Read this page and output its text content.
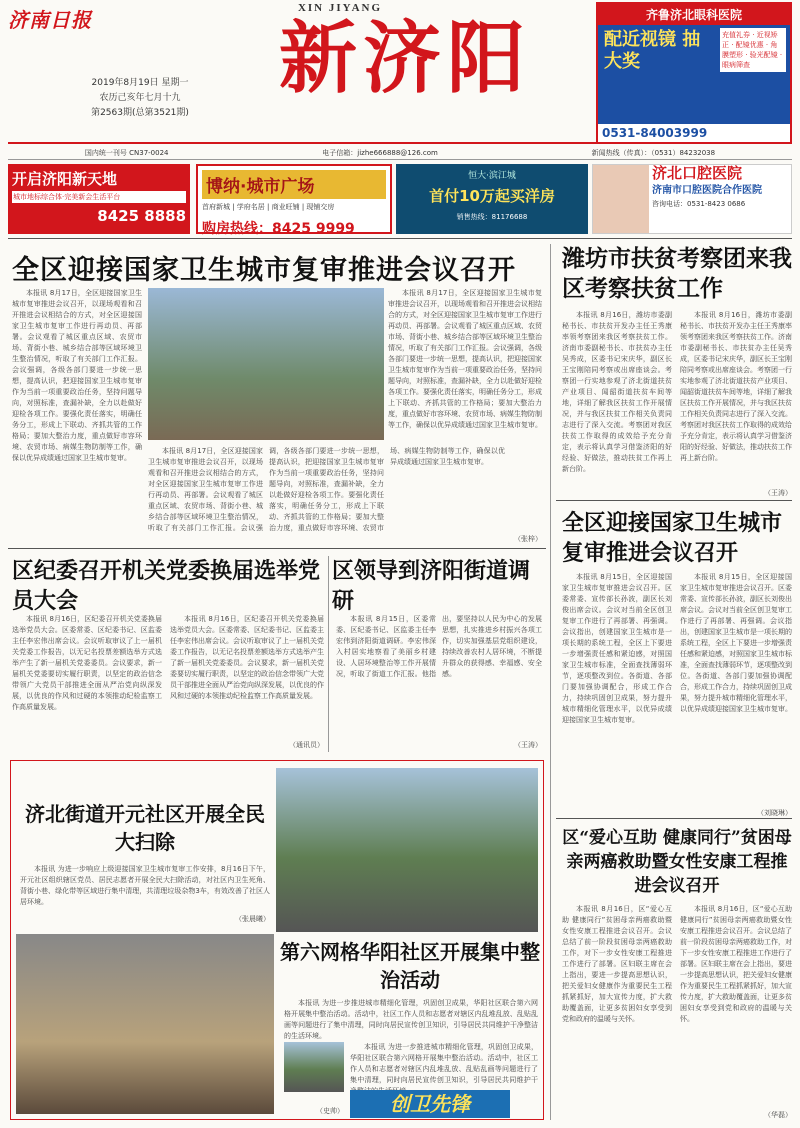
济南日报	XIN JIYANG
新济阳
2019年8月19日 星期一
农历己亥年七月十九
第2563期(总第3521期)
齐鲁济北眼科医院
配近视镜 抽大奖
充值礼券 · 近视矫正 · 配镜优惠 · 角膜塑形 · 验光配镜 · 眼病筛查
0531-84003999
国内统一刊号 CN37-0024	电子信箱：jizhe666888@126.com	新闻热线（传真）：（0531）84232038
开启济阳新天地
城市地标综合体·完美新会生活平台
8425 8888
博纳·城市广场
首府新城 | 学府名居 | 商业旺铺 | 现铺交房
购房热线：8425 9999
恒大·滨江城
首付10万起买洋房
销售热线：81176688
济北口腔医院
济南市口腔医院合作医院
咨询电话：0531-8423 0686
全区迎接国家卫生城市复审推进会议召开

本报讯 8月17日，全区迎接国家卫生城市复审推进会议召开，以现场观看和召开推进会议相结合的方式，对全区迎接国家卫生城市复审工作进行再动员、再部署。会议观看了城区重点区域、农贸市场、背街小巷、城乡结合部等区域环境卫生整治情况，听取了有关部门工作汇报。会议强调，各级各部门要进一步统一思想，提高认识，把迎接国家卫生城市复审作为当前一项重要政治任务，坚持问题导向，对照标准，查漏补缺，全力以赴做好迎检各项工作。要强化责任落实，明确任务分工，形成上下联动、齐抓共管的工作格局；要加大整治力度，重点做好市容环境、农贸市场、病媒生物防制等工作，确保以优异成绩通过国家卫生城市复审。

本报讯 8月17日，全区迎接国家卫生城市复审推进会议召开，以现场观看和召开推进会议相结合的方式，对全区迎接国家卫生城市复审工作进行再动员、再部署。会议观看了城区重点区域、农贸市场、背街小巷、城乡结合部等区域环境卫生整治情况，听取了有关部门工作汇报。会议强调，各级各部门要进一步统一思想，提高认识，把迎接国家卫生城市复审作为当前一项重要政治任务，坚持问题导向，对照标准，查漏补缺，全力以赴做好迎检各项工作。要强化责任落实，明确任务分工，形成上下联动、齐抓共管的工作格局；要加大整治力度，重点做好市容环境、农贸市场、病媒生物防制等工作，确保以优异成绩通过国家卫生城市复审。

本报讯 8月17日，全区迎接国家卫生城市复审推进会议召开，以现场观看和召开推进会议相结合的方式，对全区迎接国家卫生城市复审工作进行再动员、再部署。会议观看了城区重点区域、农贸市场、背街小巷、城乡结合部等区域环境卫生整治情况，听取了有关部门工作汇报。会议强调，各级各部门要进一步统一思想，提高认识，把迎接国家卫生城市复审作为当前一项重要政治任务，坚持问题导向，对照标准，查漏补缺，全力以赴做好迎检各项工作。要强化责任落实，明确任务分工，形成上下联动、齐抓共管的工作格局；要加大整治力度，重点做好市容环境、农贸市场、病媒生物防制等工作，确保以优异成绩通过国家卫生城市复审。

（张梓）
潍坊市扶贫考察团来我区考察扶贫工作

本报讯 8月16日，潍坊市委副秘书长、市扶贫开发办主任王秀康率领考察团来我区考察扶贫工作。济南市委副秘书长、市扶贫办主任吴秀成，区委书记宋庆华，副区长王宝刚陪同考察或出席座谈会。考察团一行实地参观了济北街道扶贫产业项目、闻韶街道扶贫车间等地，详细了解我区扶贫工作开展情况，并与我区扶贫工作相关负责同志进行了深入交流。考察团对我区扶贫工作取得的成效给予充分肯定，表示将认真学习借鉴济阳的好经验、好做法，推动扶贫工作再上新台阶。

本报讯 8月16日，潍坊市委副秘书长、市扶贫开发办主任王秀康率领考察团来我区考察扶贫工作。济南市委副秘书长、市扶贫办主任吴秀成，区委书记宋庆华，副区长王宝刚陪同考察或出席座谈会。考察团一行实地参观了济北街道扶贫产业项目、闻韶街道扶贫车间等地，详细了解我区扶贫工作开展情况，并与我区扶贫工作相关负责同志进行了深入交流。考察团对我区扶贫工作取得的成效给予充分肯定，表示将认真学习借鉴济阳的好经验、好做法，推动扶贫工作再上新台阶。

（王涛）
区纪委召开机关党委换届选举党员大会

本报讯 8月16日，区纪委召开机关党委换届选举党员大会。区委常委、区纪委书记、区监委主任李宏伟出席会议。会议听取审议了上一届机关党委工作报告，以无记名投票差额选举方式选举产生了新一届机关党委委员。会议要求，新一届机关党委要切实履行职责，以坚定的政治信念带领广大党员干部推进全面从严治党向纵深发展，以优良的作风和过硬的本领推动纪检监察工作高质量发展。

本报讯 8月16日，区纪委召开机关党委换届选举党员大会。区委常委、区纪委书记、区监委主任李宏伟出席会议。会议听取审议了上一届机关党委工作报告，以无记名投票差额选举方式选举产生了新一届机关党委委员。会议要求，新一届机关党委要切实履行职责，以坚定的政治信念带领广大党员干部推进全面从严治党向纵深发展，以优良的作风和过硬的本领推动纪检监察工作高质量发展。

（通讯员）
区领导到济阳街道调研

本报讯 8月15日，区委常委、区纪委书记、区监委主任李宏伟到济阳街道调研。李宏伟深入村居实地察看了美丽乡村建设、人居环境整治等工作开展情况，听取了街道工作汇报。他指出，要坚持以人民为中心的发展思想，扎实推进乡村振兴各项工作，切实加强基层党组织建设，持续改善农村人居环境，不断提升群众的获得感、幸福感、安全感。

（王涛）
全区迎接国家卫生城市复审推进会议召开

本报讯 8月15日，全区迎接国家卫生城市复审推进会议召开。区委常委、宣传部长孙波，副区长刘俊出席会议。会议对当前全区创卫复审工作进行了再部署、再强调。会议指出，创建国家卫生城市是一项长期的系统工程，全区上下要进一步增强责任感和紧迫感，对照国家卫生城市标准，全面查找薄弱环节，逐项整改到位。各街道、各部门要加强协调配合，形成工作合力，持续巩固创卫成果，努力提升城市精细化管理水平，以优异成绩迎接国家卫生城市复审。

本报讯 8月15日，全区迎接国家卫生城市复审推进会议召开。区委常委、宣传部长孙波，副区长刘俊出席会议。会议对当前全区创卫复审工作进行了再部署、再强调。会议指出，创建国家卫生城市是一项长期的系统工程，全区上下要进一步增强责任感和紧迫感，对照国家卫生城市标准，全面查找薄弱环节，逐项整改到位。各街道、各部门要加强协调配合，形成工作合力，持续巩固创卫成果，努力提升城市精细化管理水平，以优异成绩迎接国家卫生城市复审。

（刘晓琳）
区“爱心互助 健康同行”贫困母亲两癌救助暨女性安康工程推进会议召开

本报讯 8月16日，区“爱心互助 健康同行”贫困母亲两癌救助暨女性安康工程推进会议召开。会议总结了前一阶段贫困母亲两癌救助工作，对下一步女性安康工程推进工作进行了部署。区妇联主席在会上指出，要进一步提高思想认识，把关爱妇女健康作为重要民生工程抓紧抓好，加大宣传力度，扩大救助覆盖面，让更多贫困妇女享受到党和政府的温暖与关怀。

本报讯 8月16日，区“爱心互助 健康同行”贫困母亲两癌救助暨女性安康工程推进会议召开。会议总结了前一阶段贫困母亲两癌救助工作，对下一步女性安康工程推进工作进行了部署。区妇联主席在会上指出，要进一步提高思想认识，把关爱妇女健康作为重要民生工程抓紧抓好，加大宣传力度，扩大救助覆盖面，让更多贫困妇女享受到党和政府的温暖与关怀。

（华磊）
济北街道开元社区开展全民大扫除

本报讯 为进一步响应上级迎接国家卫生城市复审工作安排，8月16日下午，开元社区组织辖区党员、居民志愿者开展全民大扫除活动，对社区内卫生死角、背街小巷、绿化带等区域进行集中清理，共清理垃圾杂物3车，有效改善了社区人居环境。

（张晨曦）
第六网格华阳社区开展集中整治活动

本报讯 为进一步推进城市精细化管理，巩固创卫成果，华阳社区联合第六网格开展集中整治活动。活动中，社区工作人员和志愿者对辖区内乱堆乱放、乱贴乱画等问题进行了集中清理，同时向居民宣传创卫知识，引导居民共同维护干净整洁的生活环境。

本报讯 为进一步推进城市精细化管理，巩固创卫成果，华阳社区联合第六网格开展集中整治活动。活动中，社区工作人员和志愿者对辖区内乱堆乱放、乱贴乱画等问题进行了集中清理，同时向居民宣传创卫知识，引导居民共同维护干

（史帅）	创卫先锋
